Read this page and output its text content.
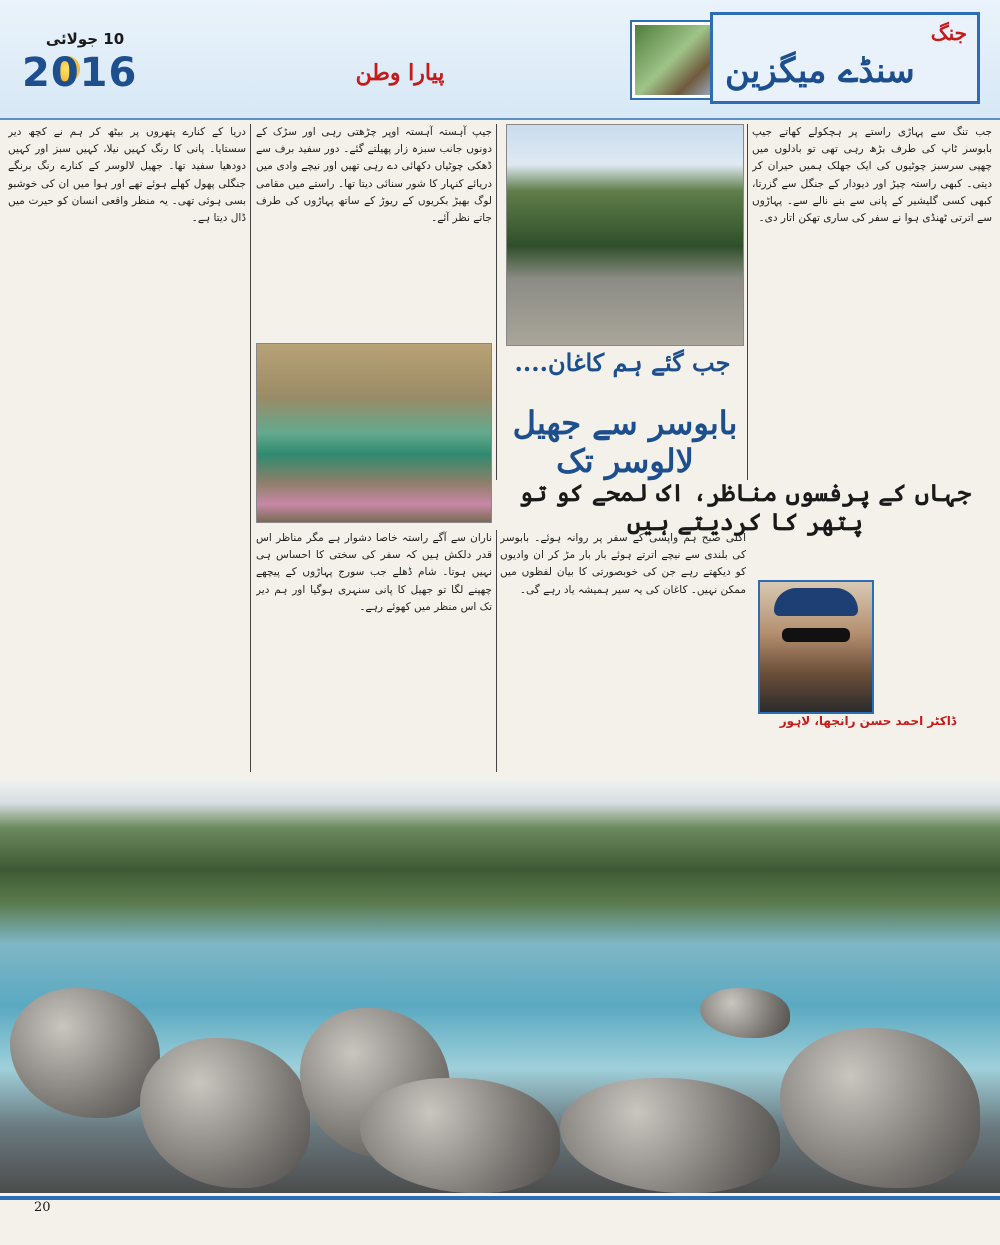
10 جولائی
2016	پیارا وطن
جنگ
سنڈے میگزین

جب تنگ سے پہاڑی راستے پر ہچکولے کھاتے جیپ بابوسر ٹاپ کی طرف بڑھ رہی تھی تو بادلوں میں چھپی سرسبز چوٹیوں کی ایک جھلک ہمیں حیران کر دیتی۔ کبھی راستہ چیڑ اور دیودار کے جنگل سے گزرتا، کبھی کسی گلیشیر کے پانی سے بنے نالے سے۔ پہاڑوں سے اترتی ٹھنڈی ہوا نے سفر کی ساری تھکن اتار دی۔

جیپ آہستہ آہستہ اوپر چڑھتی رہی اور سڑک کے دونوں جانب سبزہ زار پھیلتے گئے۔ دور سفید برف سے ڈھکی چوٹیاں دکھائی دے رہی تھیں اور نیچے وادی میں دریائے کنہار کا شور سنائی دیتا تھا۔ راستے میں مقامی لوگ بھیڑ بکریوں کے ریوڑ کے ساتھ پہاڑوں کی طرف جاتے نظر آئے۔

دریا کے کنارے پتھروں پر بیٹھ کر ہم نے کچھ دیر سستایا۔ پانی کا رنگ کہیں نیلا، کہیں سبز اور کہیں دودھیا سفید تھا۔ جھیل لالوسر کے کنارے رنگ برنگے جنگلی پھول کھلے ہوئے تھے اور ہوا میں ان کی خوشبو بسی ہوئی تھی۔ یہ منظر واقعی انسان کو حیرت میں ڈال دیتا ہے۔

ناران سے آگے راستہ خاصا دشوار ہے مگر مناظر اس قدر دلکش ہیں کہ سفر کی سختی کا احساس ہی نہیں ہوتا۔ شام ڈھلے جب سورج پہاڑوں کے پیچھے چھپنے لگا تو جھیل کا پانی سنہری ہوگیا اور ہم دیر تک اس منظر میں کھوئے رہے۔

اگلی صبح ہم واپسی کے سفر پر روانہ ہوئے۔ بابوسر کی بلندی سے نیچے اترتے ہوئے بار بار مڑ کر ان وادیوں کو دیکھتے رہے جن کی خوبصورتی کا بیان لفظوں میں ممکن نہیں۔ کاغان کی یہ سیر ہمیشہ یاد رہے گی۔

جب گئے ہم کاغان....
بابوسر سے جھیل لالوسر تک
جہاں کے پرفسوں مناظر، اک لمحے کو تو پتھر کا کردیتے ہیں
ڈاکٹر احمد حسن رانجھا، لاہور
20
